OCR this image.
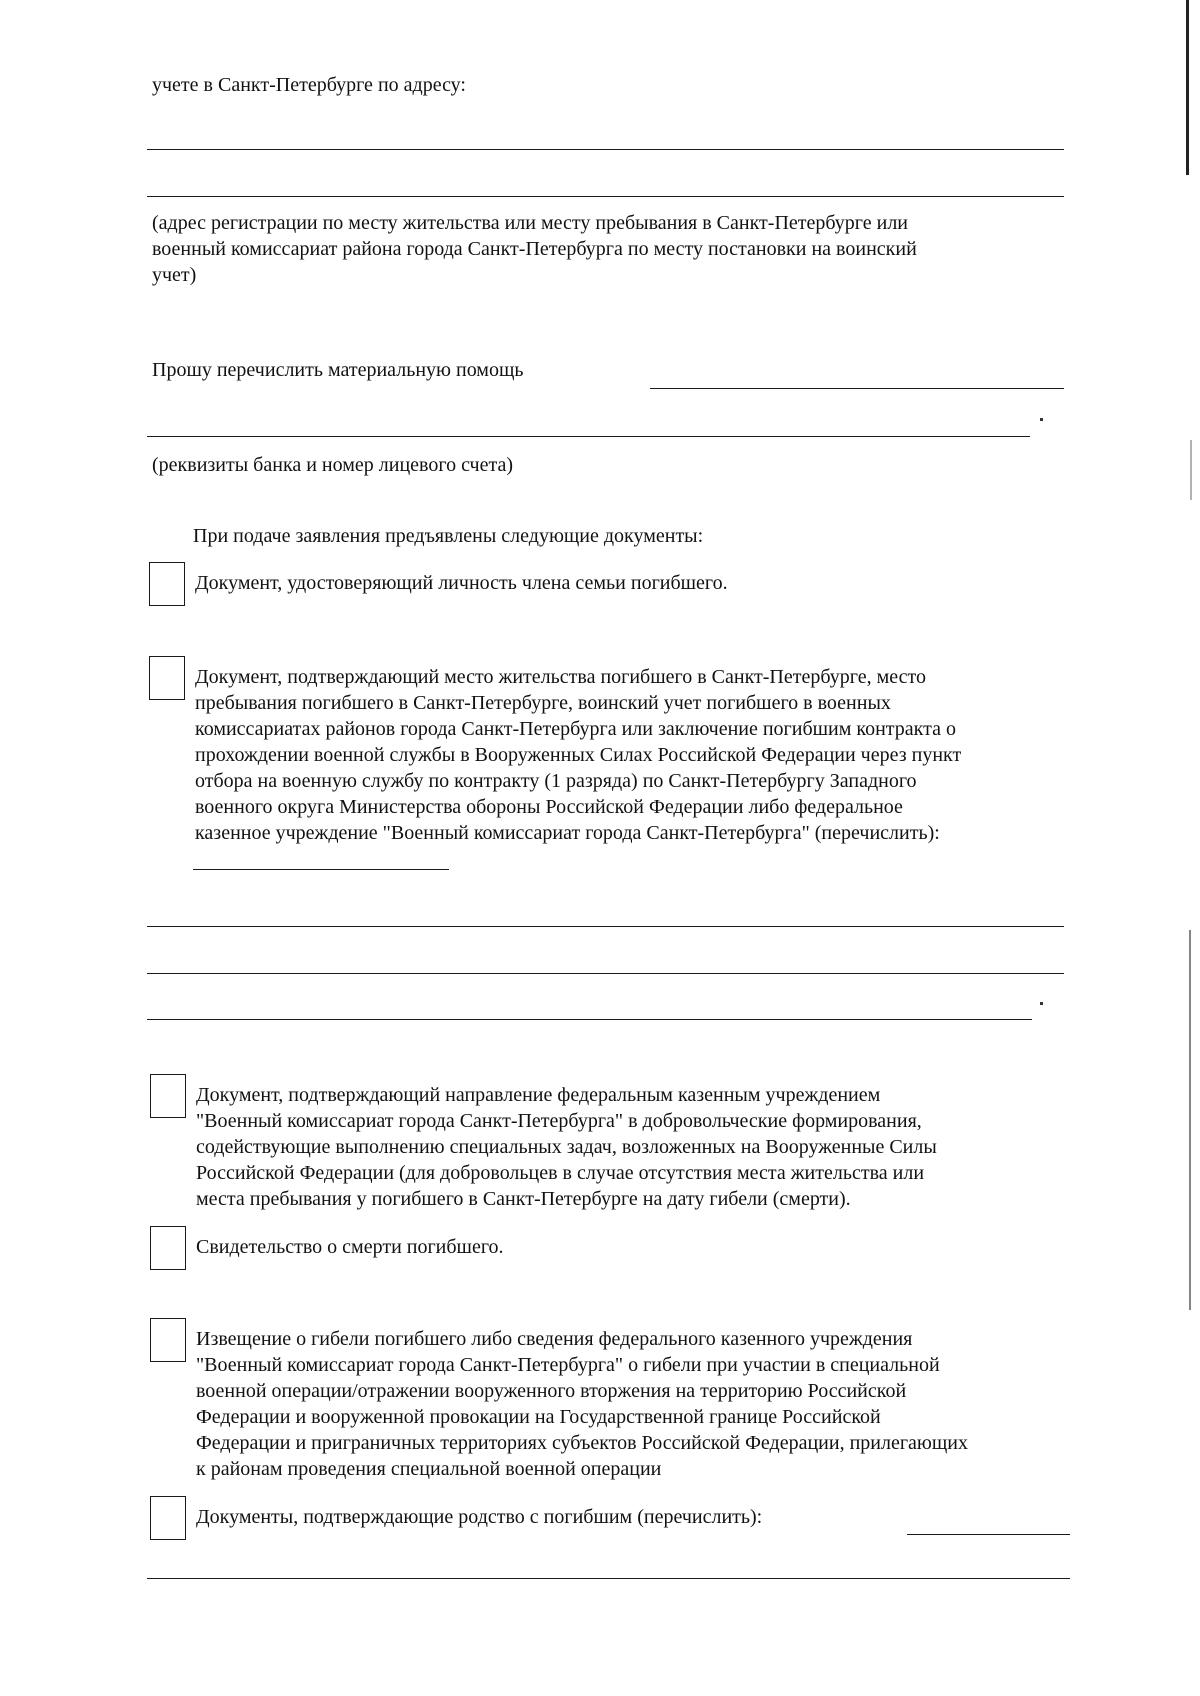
учете в Санкт-Петербурге по адресу:
(адрес регистрации по месту жительства или месту пребывания в Санкт-Петербурге или
военный комиссариат района города Санкт-Петербурга по месту постановки на воинский
учет)
Прошу перечислить материальную помощь
(реквизиты банка и номер лицевого счета)
При подаче заявления предъявлены следующие документы:
Документ, удостоверяющий личность члена семьи погибшего.
Документ, подтверждающий место жительства погибшего в Санкт-Петербурге, место
пребывания погибшего в Санкт-Петербурге, воинский учет погибшего в военных
комиссариатах районов города Санкт-Петербурга или заключение погибшим контракта о
прохождении военной службы в Вооруженных Силах Российской Федерации через пункт
отбора на военную службу по контракту (1 разряда) по Санкт-Петербургу Западного
военного округа Министерства обороны Российской Федерации либо федеральное
казенное учреждение "Военный комиссариат города Санкт-Петербурга" (перечислить):
Документ, подтверждающий направление федеральным казенным учреждением
"Военный комиссариат города Санкт-Петербурга" в добровольческие формирования,
содействующие выполнению специальных задач, возложенных на Вооруженные Силы
Российской Федерации (для добровольцев в случае отсутствия места жительства или
места пребывания у погибшего в Санкт-Петербурге на дату гибели (смерти).
Свидетельство о смерти погибшего.
Извещение о гибели погибшего либо сведения федерального казенного учреждения
"Военный комиссариат города Санкт-Петербурга" о гибели при участии в специальной
военной операции/отражении вооруженного вторжения на территорию Российской
Федерации и вооруженной провокации на Государственной границе Российской
Федерации и приграничных территориях субъектов Российской Федерации, прилегающих
к районам проведения специальной военной операции
Документы, подтверждающие родство с погибшим (перечислить):
